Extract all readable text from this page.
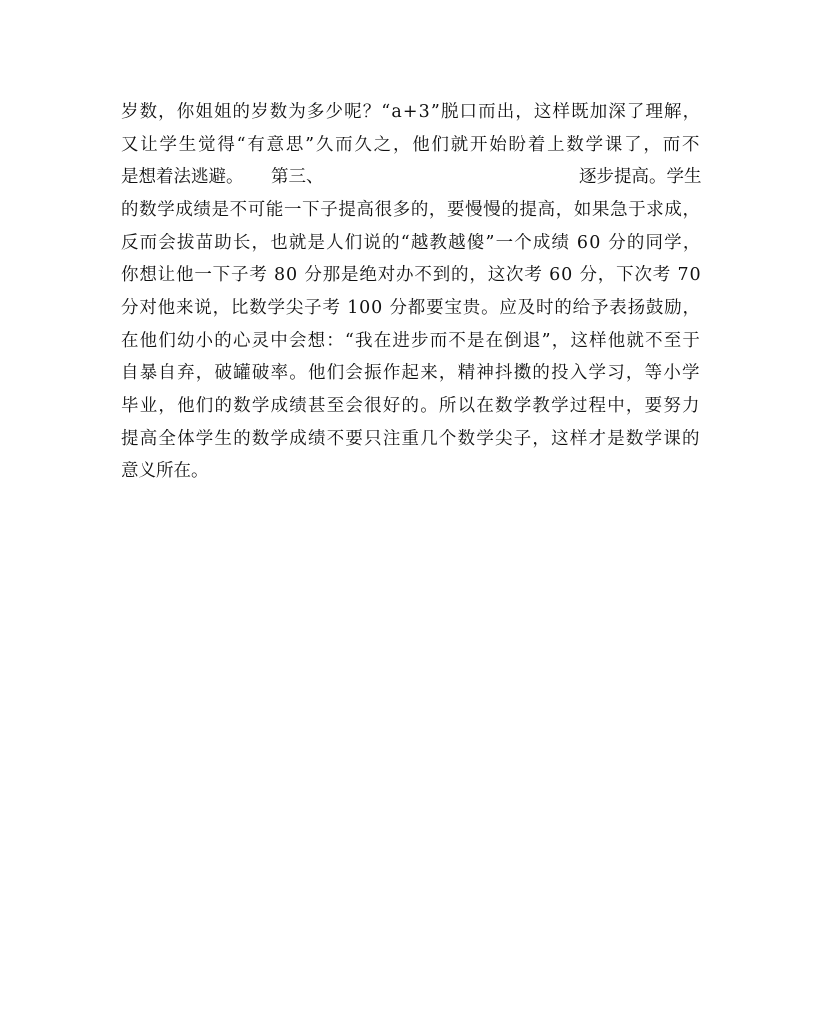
岁数，你姐姐的岁数为多少呢？“a+3”脱口而出，这样既加深了理解，
又让学生觉得“有意思”久而久之，他们就开始盼着上数学课了，而不
是想着法逃避。 第三、	逐步提高。学生
的数学成绩是不可能一下子提高很多的，要慢慢的提高，如果急于求成，
反而会拔苗助长，也就是人们说的“越教越傻”一个成绩 60 分的同学，
你想让他一下子考 80 分那是绝对办不到的，这次考 60 分，下次考 70
分对他来说，比数学尖子考 100 分都要宝贵。应及时的给予表扬鼓励，
在他们幼小的心灵中会想：“我在进步而不是在倒退”，这样他就不至于
自暴自弃，破罐破率。他们会振作起来，精神抖擞的投入学习，等小学
毕业，他们的数学成绩甚至会很好的。所以在数学教学过程中，要努力
提高全体学生的数学成绩不要只注重几个数学尖子，这样才是数学课的
意义所在。
